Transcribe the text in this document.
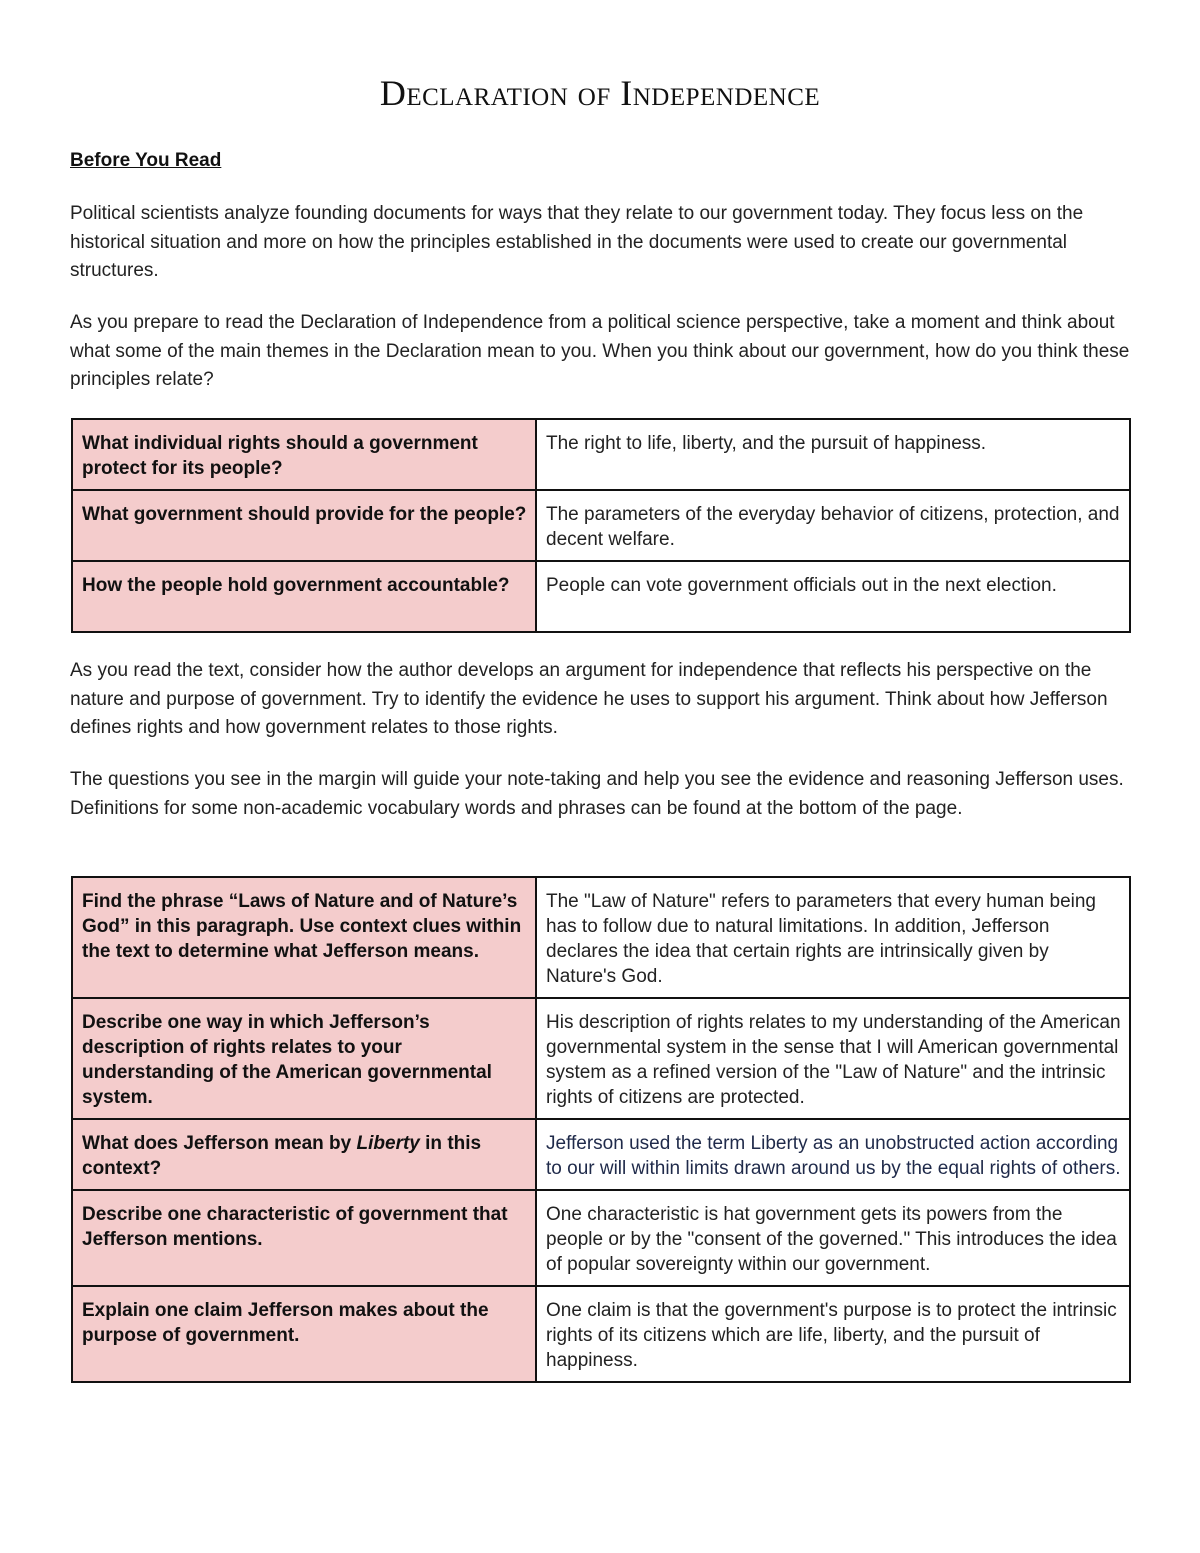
Declaration of Independence
Before You Read

Political scientists analyze founding documents for ways that they relate to our government today. They focus less on the historical situation and more on how the principles established in the documents were used to create our governmental structures.

As you prepare to read the Declaration of Independence from a political science perspective, take a moment and think about what some of the main themes in the Declaration mean to you. When you think about our government, how do you think these principles relate?

What individual rights should a government protect for its people?	The right to life, liberty, and the pursuit of happiness.
What government should provide for the people?	The parameters of the everyday behavior of citizens, protection, and decent welfare.
How the people hold government accountable?	People can vote government officials out in the next election.

As you read the text, consider how the author develops an argument for independence that reflects his perspective on the nature and purpose of government. Try to identify the evidence he uses to support his argument. Think about how Jefferson defines rights and how government relates to those rights.

The questions you see in the margin will guide your note-taking and help you see the evidence and reasoning Jefferson uses. Definitions for some non-academic vocabulary words and phrases can be found at the bottom of the page.

Find the phrase “Laws of Nature and of Nature’s God” in this paragraph. Use context clues within the text to determine what Jefferson means.	The "Law of Nature" refers to parameters that every human being has to follow due to natural limitations. In addition, Jefferson declares the idea that certain rights are intrinsically given by Nature's God.
Describe one way in which Jefferson’s description of rights relates to your understanding of the American governmental system.	His description of rights relates to my understanding of the American governmental system in the sense that I will American governmental system as a refined version of the "Law of Nature" and the intrinsic rights of citizens are protected.
What does Jefferson mean by Liberty in this context?	Jefferson used the term Liberty as an unobstructed action according to our will within limits drawn around us by the equal rights of others.
Describe one characteristic of government that Jefferson mentions.	One characteristic is hat government gets its powers from the people or by the "consent of the governed." This introduces the idea of popular sovereignty within our government.
Explain one claim Jefferson makes about the purpose of government.	One claim is that the government's purpose is to protect the intrinsic rights of its citizens which are life, liberty, and the pursuit of happiness.
